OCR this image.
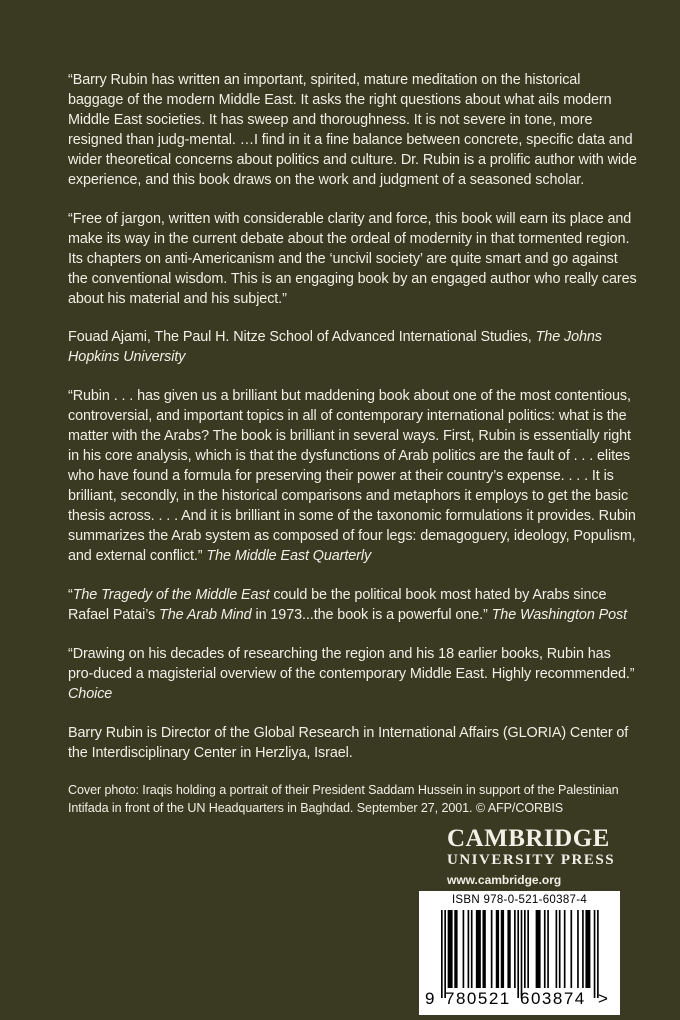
“Barry Rubin has written an important, spirited, mature meditation on the historical baggage of the modern Middle East. It asks the right questions about what ails modern Middle East societies. It has sweep and thoroughness. It is not severe in tone, more resigned than judg-mental. …I find in it a fine balance between concrete, specific data and wider theoretical concerns about politics and culture. Dr. Rubin is a prolific author with wide experience, and this book draws on the work and judgment of a seasoned scholar.

“Free of jargon, written with considerable clarity and force, this book will earn its place and make its way in the current debate about the ordeal of modernity in that tormented region. Its chapters on anti-Americanism and the ‘uncivil society’ are quite smart and go against the conventional wisdom. This is an engaging book by an engaged author who really cares about his material and his subject.”

Fouad Ajami, The Paul H. Nitze School of Advanced International Studies, The Johns Hopkins University

“Rubin . . . has given us a brilliant but maddening book about one of the most contentious, controversial, and important topics in all of contemporary international politics: what is the matter with the Arabs? The book is brilliant in several ways. First, Rubin is essentially right in his core analysis, which is that the dysfunctions of Arab politics are the fault of . . . elites who have found a formula for preserving their power at their country’s expense. . . . It is brilliant, secondly, in the historical comparisons and metaphors it employs to get the basic thesis across. . . . And it is brilliant in some of the taxonomic formulations it provides. Rubin summarizes the Arab system as composed of four legs: demagoguery, ideology, Populism, and external conflict.” The Middle East Quarterly

“The Tragedy of the Middle East could be the political book most hated by Arabs since Rafael Patai’s The Arab Mind in 1973...the book is a powerful one.” The Washington Post

“Drawing on his decades of researching the region and his 18 earlier books, Rubin has pro-duced a magisterial overview of the contemporary Middle East. Highly recommended.”
Choice

Barry Rubin is Director of the Global Research in International Affairs (GLORIA) Center of the Interdisciplinary Center in Herzliya, Israel.

Cover photo: Iraqis holding a portrait of their President Saddam Hussein in support of the Palestinian Intifada in front of the UN Headquarters in Baghdad. September 27, 2001. © AFP/CORBIS

CAMBRIDGE
UNIVERSITY PRESS
www.cambridge.org
ISBN 978-0-521-60387-4
9 780521 603874 >
